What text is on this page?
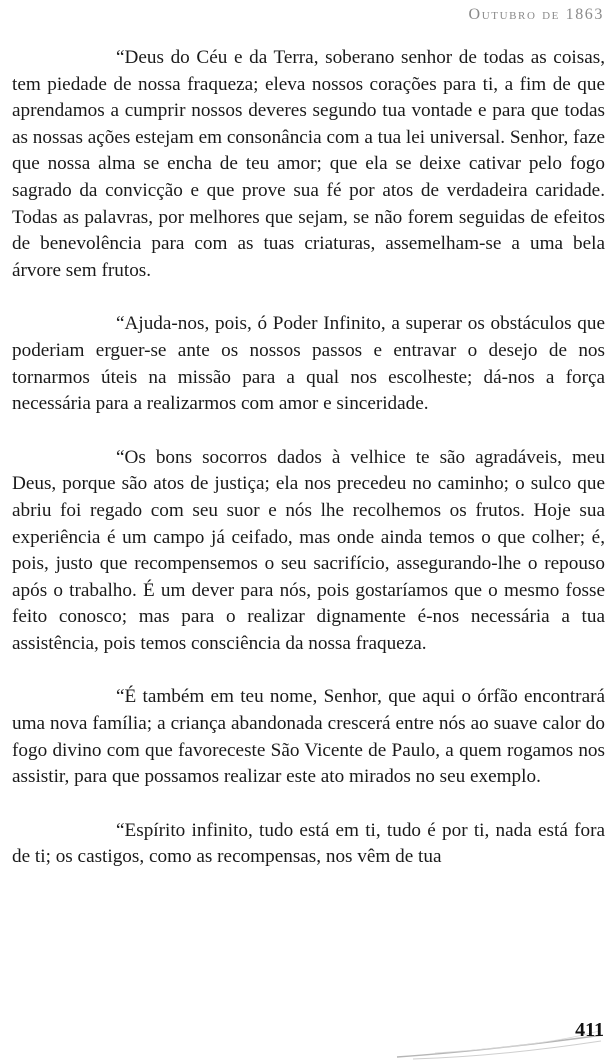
Outubro de 1863

“Deus do Céu e da Terra, soberano senhor de todas as coisas, tem piedade de nossa fraqueza; eleva nossos corações para ti, a fim de que aprendamos a cumprir nossos deveres segundo tua vontade e para que todas as nossas ações estejam em consonância com a tua lei universal. Senhor, faze que nossa alma se encha de teu amor; que ela se deixe cativar pelo fogo sagrado da convicção e que prove sua fé por atos de verdadeira caridade. Todas as palavras, por melhores que sejam, se não forem seguidas de efeitos de benevolência para com as tuas criaturas, assemelham-se a uma bela árvore sem frutos.

“Ajuda-nos, pois, ó Poder Infinito, a superar os obstáculos que poderiam erguer-se ante os nossos passos e entravar o desejo de nos tornarmos úteis na missão para a qual nos escolheste; dá-nos a força necessária para a realizarmos com amor e sinceridade.

“Os bons socorros dados à velhice te são agradáveis, meu Deus, porque são atos de justiça; ela nos precedeu no caminho; o sulco que abriu foi regado com seu suor e nós lhe recolhemos os frutos. Hoje sua experiência é um campo já ceifado, mas onde ainda temos o que colher; é, pois, justo que recompensemos o seu sacrifício, assegurando-lhe o repouso após o trabalho. É um dever para nós, pois gostaríamos que o mesmo fosse feito conosco; mas para o realizar dignamente é-nos necessária a tua assistência, pois temos consciência da nossa fraqueza.

“É também em teu nome, Senhor, que aqui o órfão encontrará uma nova família; a criança abandonada crescerá entre nós ao suave calor do fogo divino com que favoreceste São Vicente de Paulo, a quem rogamos nos assistir, para que possamos realizar este ato mirados no seu exemplo.

“Espírito infinito, tudo está em ti, tudo é por ti, nada está fora de ti; os castigos, como as recompensas, nos vêm de tua

411
